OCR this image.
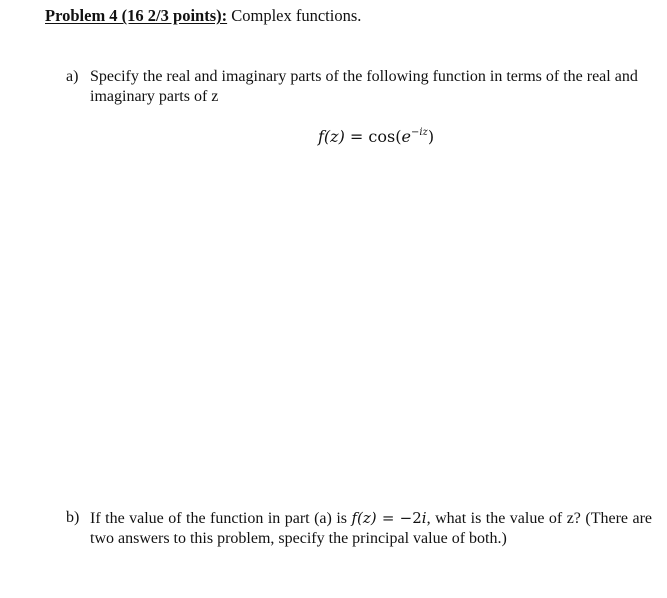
Problem 4 (16 2/3 points): Complex functions.
a) Specify the real and imaginary parts of the following function in terms of the real and imaginary parts of z
$f(z) = \cos(e^{-iz})$
b) If the value of the function in part (a) is f(z) = −2i, what is the value of z? (There are two answers to this problem, specify the principal value of both.)
